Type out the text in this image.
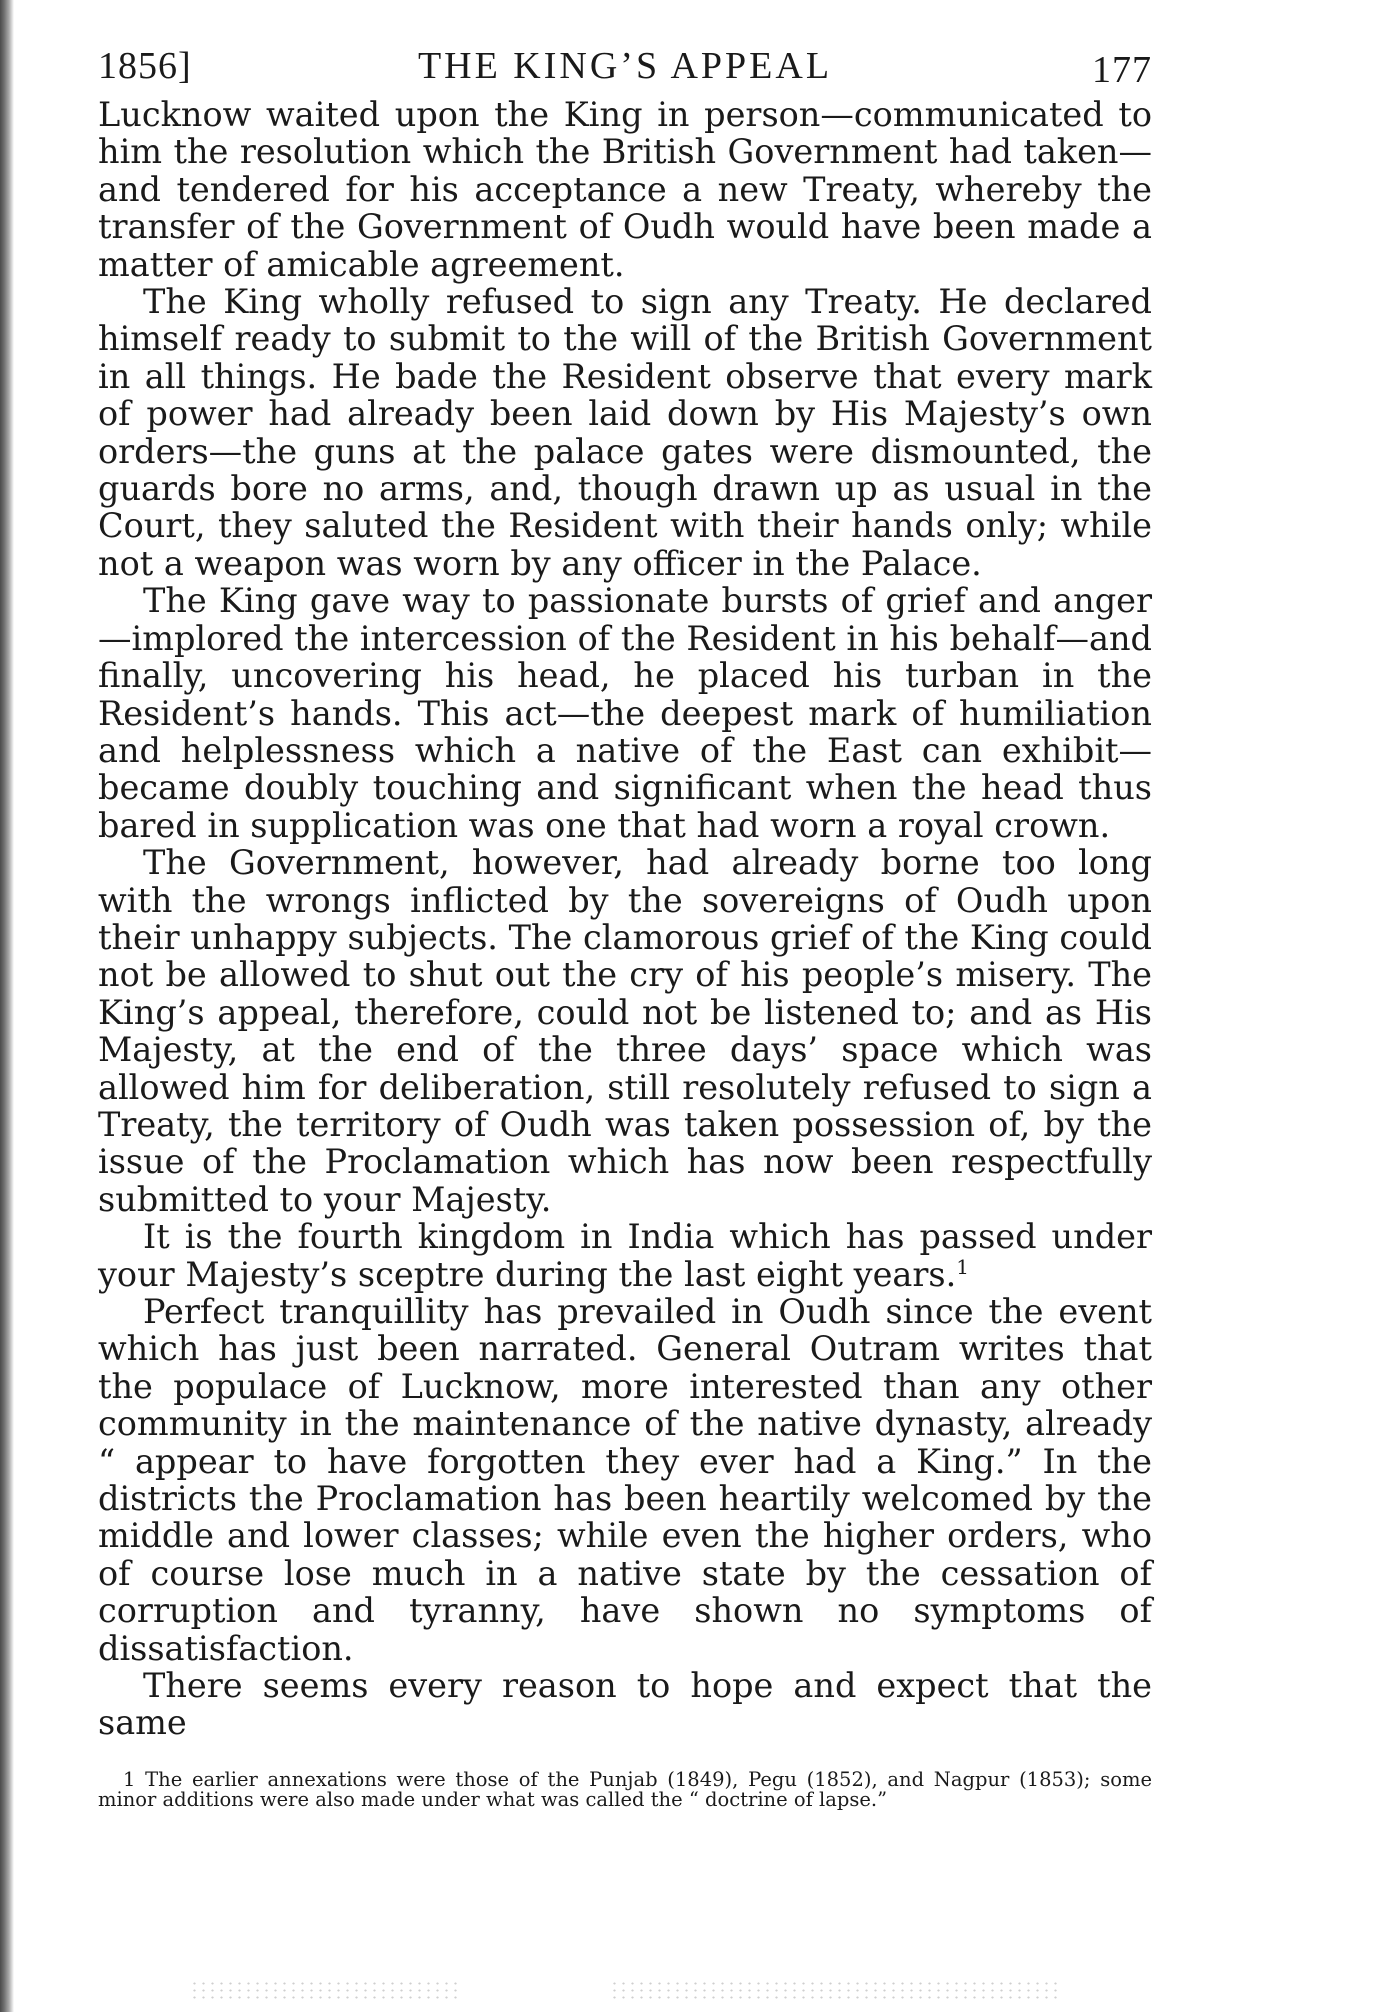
1856]	THE KING’S APPEAL	177

Lucknow waited upon the King in person—communicated to him the resolution which the British Government had taken—and tendered for his acceptance a new Treaty, whereby the transfer of the Government of Oudh would have been made a matter of amicable agreement.

The King wholly refused to sign any Treaty. He declared himself ready to submit to the will of the British Government in all things. He bade the Resident observe that every mark of power had already been laid down by His Majesty’s own orders—the guns at the palace gates were dismounted, the guards bore no arms, and, though drawn up as usual in the Court, they saluted the Resident with their hands only; while not a weapon was worn by any officer in the Palace.

The King gave way to passionate bursts of grief and anger —implored the intercession of the Resident in his behalf—and finally, uncovering his head, he placed his turban in the Resident’s hands. This act—the deepest mark of humiliation and helplessness which a native of the East can exhibit—became doubly touching and significant when the head thus bared in supplication was one that had worn a royal crown.

The Government, however, had already borne too long with the wrongs inflicted by the sovereigns of Oudh upon their unhappy subjects. The clamorous grief of the King could not be allowed to shut out the cry of his people’s misery. The King’s appeal, therefore, could not be listened to; and as His Majesty, at the end of the three days’ space which was allowed him for deliberation, still resolutely refused to sign a Treaty, the territory of Oudh was taken possession of, by the issue of the Proclamation which has now been respectfully submitted to your Majesty.

It is the fourth kingdom in India which has passed under your Majesty’s sceptre during the last eight years.$^1$

Perfect tranquillity has prevailed in Oudh since the event which has just been narrated. General Outram writes that the populace of Lucknow, more interested than any other community in the maintenance of the native dynasty, already “ appear to have forgotten they ever had a King.” In the districts the Proclamation has been heartily welcomed by the middle and lower classes; while even the higher orders, who of course lose much in a native state by the cessation of corruption and tyranny, have shown no symptoms of dissatisfaction.

There seems every reason to hope and expect that the same

1 The earlier annexations were those of the Punjab (1849), Pegu (1852), and Nagpur (1853); some minor additions were also made under what was called the “ doctrine of lapse.”
